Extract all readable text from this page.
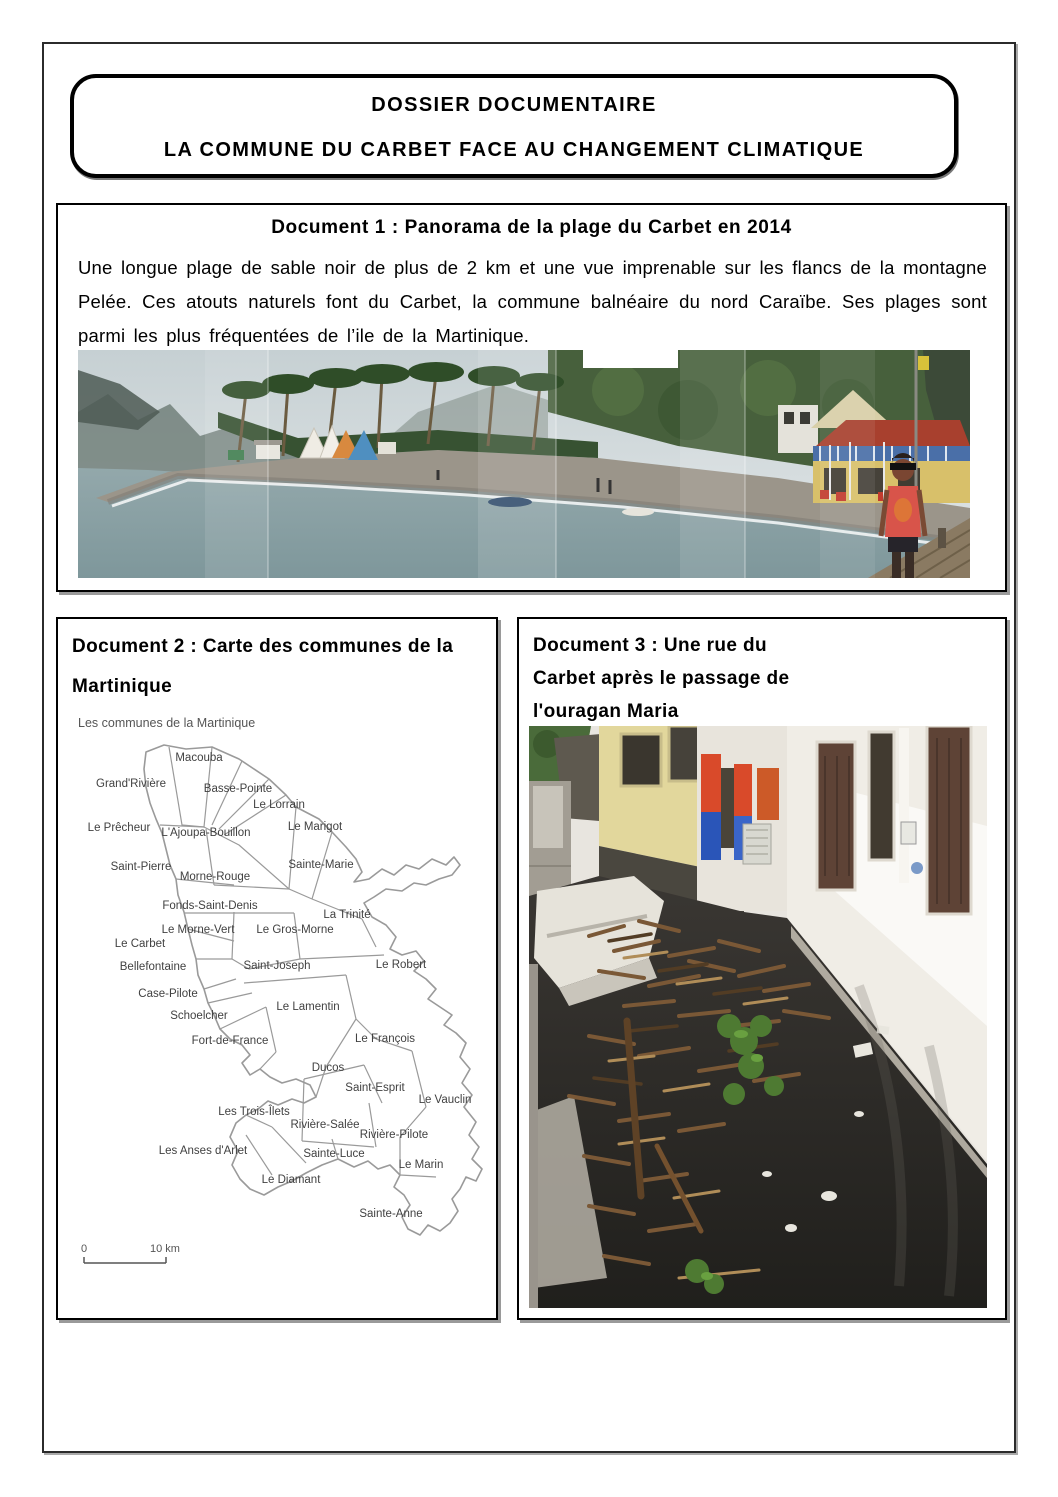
DOSSIER DOCUMENTAIRE
LA COMMUNE DU CARBET FACE AU CHANGEMENT CLIMATIQUE
Document 1 : Panorama de la plage du Carbet en 2014
Une longue plage de sable noir de plus de 2 km et une vue imprenable sur les flancs de la montagne Pelée. Ces atouts naturels font du Carbet, la commune balnéaire du nord Caraïbe. Ses plages sont parmi les plus fréquentées de l’ile de la Martinique.
Document 2 : Carte des communes de la Martinique
Les communes de la Martinique
Macouba
Grand'Rivière	Basse-Pointe
Le Lorrain
Le Marigot
Le Prêcheur L'Ajoupa-Bouillon
Saint-Pierre	Sainte-Marie
Morne-Rouge
Fonds-Saint-Denis
La Trinité
Le Morne-Vert Le Gros-Morne
Le Carbet
Bellefontaine	Saint-Joseph	Le Robert
Case-Pilote
Le Lamentin
Schoelcher
Fort-de-France	Le François
Ducos
Saint-Esprit
Le Vauclin
Les Trois-Îlets
Rivière-Salée
Rivière-Pilote
Les Anses d'Arlet	Sainte-Luce
Le Marin
Le Diamant
Sainte-Anne
0	10 km
Document 3 : Une rue du
Carbet après le passage de
l'ouragan Maria
